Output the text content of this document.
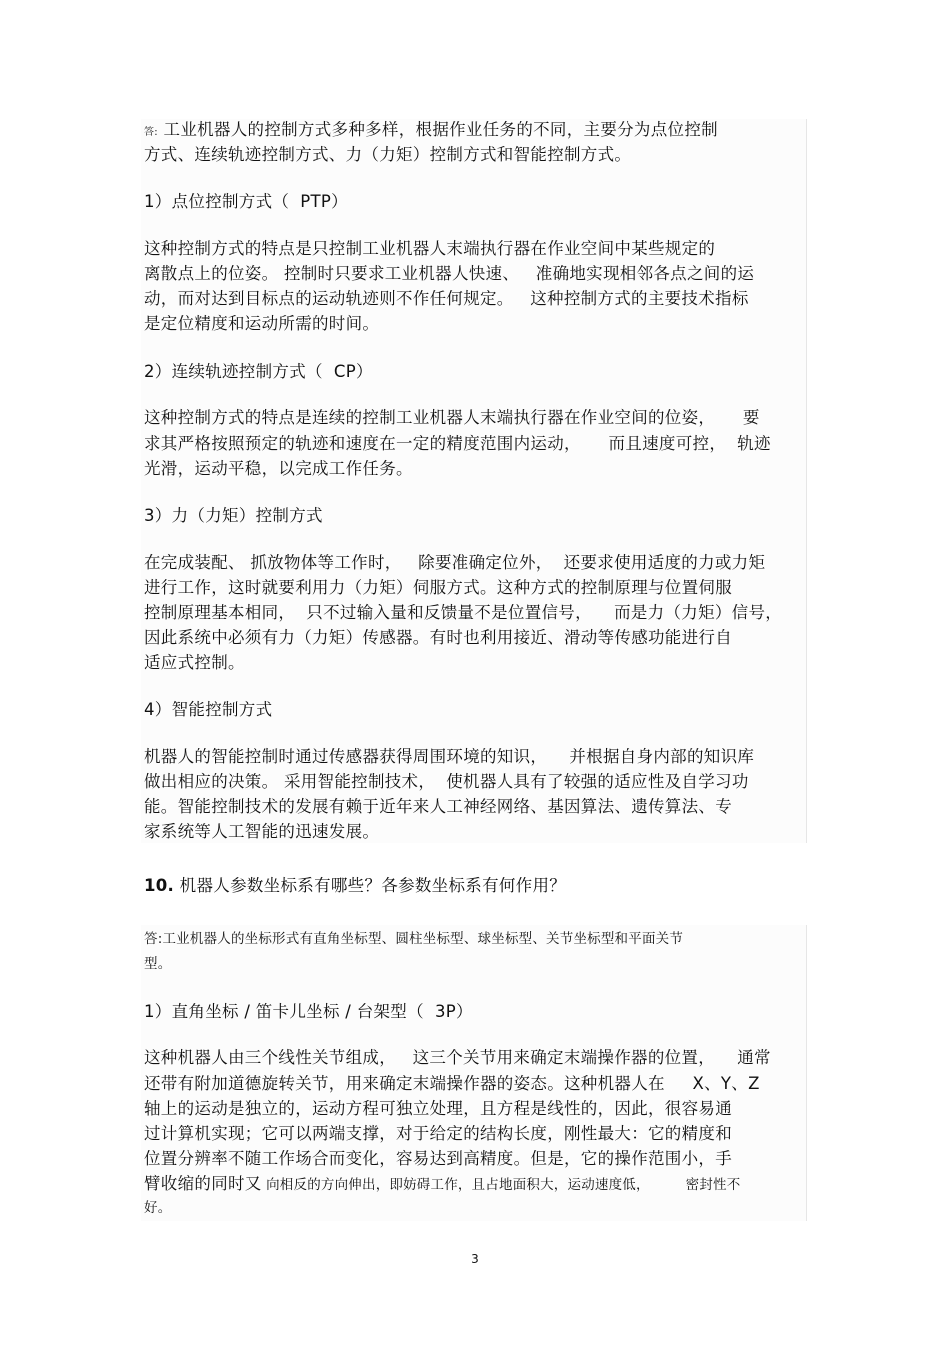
答: 工业机器人的控制方式多种多样，根据作业任务的不同，主要分为点位控制
方式、连续轨迹控制方式、力（力矩）控制方式和智能控制方式。
1）点位控制方式（  PTP）
这种控制方式的特点是只控制工业机器人末端执行器在作业空间中某些规定的
离散点上的位姿。 控制时只要求工业机器人快速、   准确地实现相邻各点之间的运
动，而对达到目标点的运动轨迹则不作任何规定。   这种控制方式的主要技术指标
是定位精度和运动所需的时间。
2）连续轨迹控制方式（  CP）
这种控制方式的特点是连续的控制工业机器人末端执行器在作业空间的位姿，     要
求其严格按照预定的轨迹和速度在一定的精度范围内运动，     而且速度可控，  轨迹
光滑，运动平稳，以完成工作任务。
3）力（力矩）控制方式
在完成装配、 抓放物体等工作时，   除要准确定位外，  还要求使用适度的力或力矩
进行工作，这时就要利用力（力矩）伺服方式。这种方式的控制原理与位置伺服
控制原理基本相同，  只不过输入量和反馈量不是位置信号，    而是力（力矩）信号，
因此系统中必须有力（力矩）传感器。有时也利用接近、滑动等传感功能进行自
适应式控制。
4）智能控制方式
机器人的智能控制时通过传感器获得周围环境的知识，    并根据自身内部的知识库
做出相应的决策。 采用智能控制技术，  使机器人具有了较强的适应性及自学习功
能。智能控制技术的发展有赖于近年来人工神经网络、基因算法、遗传算法、专
家系统等人工智能的迅速发展。
10. 机器人参数坐标系有哪些？各参数坐标系有何作用？
答:工业机器人的坐标形式有直角坐标型、圆柱坐标型、球坐标型、关节坐标型和平面关节
型。
1）直角坐标 / 笛卡儿坐标 / 台架型（  3P）
这种机器人由三个线性关节组成，   这三个关节用来确定末端操作器的位置，    通常
还带有附加道德旋转关节，用来确定末端操作器的姿态。这种机器人在     X、Y、Z
轴上的运动是独立的，运动方程可独立处理，且方程是线性的，因此，很容易通
过计算机实现；它可以两端支撑，对于给定的结构长度，刚性最大：它的精度和
位置分辨率不随工作场合而变化，容易达到高精度。但是，它的操作范围小，手
臂收缩的同时又 向相反的方向伸出，即妨碍工作，且占地面积大，运动速度低，        密封性不
好。
3
